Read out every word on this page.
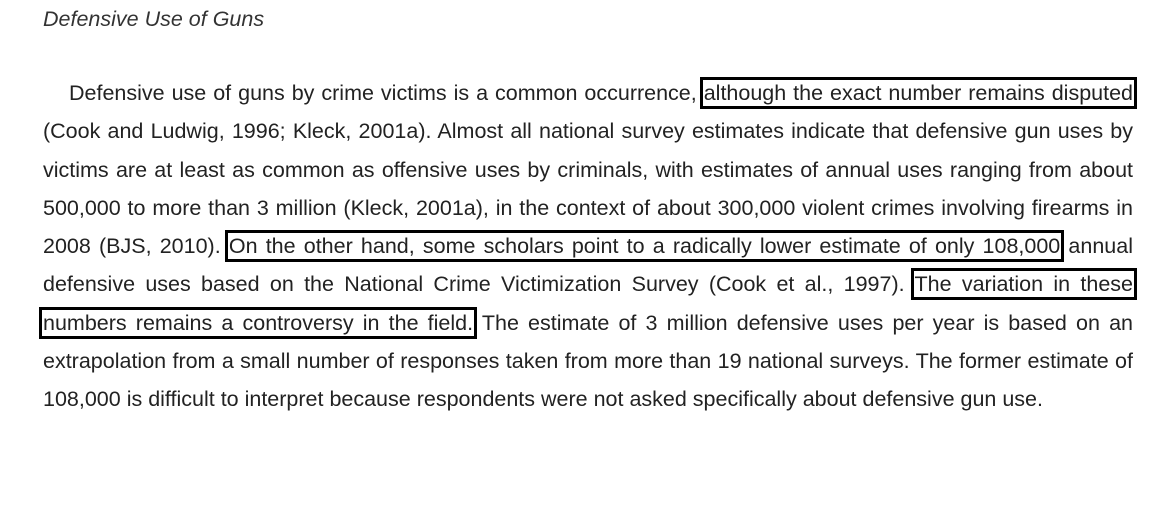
Defensive Use of Guns

Defensive use of guns by crime victims is a common occurrence, although the exact number remains disputed (Cook and Ludwig, 1996; Kleck, 2001a). Almost all national survey estimates indicate that defensive gun uses by victims are at least as common as offensive uses by criminals, with estimates of annual uses ranging from about 500,000 to more than 3 million (Kleck, 2001a), in the context of about 300,000 violent crimes involving firearms in 2008 (BJS, 2010). On the other hand, some scholars point to a radically lower estimate of only 108,000 annual defensive uses based on the National Crime Victimization Survey (Cook et al., 1997). The variation in these numbers remains a controversy in the field. The estimate of 3 million defensive uses per year is based on an extrapolation from a small number of responses taken from more than 19 national surveys. The former estimate of 108,000 is difficult to interpret because respondents were not asked specifically about defensive gun use.
